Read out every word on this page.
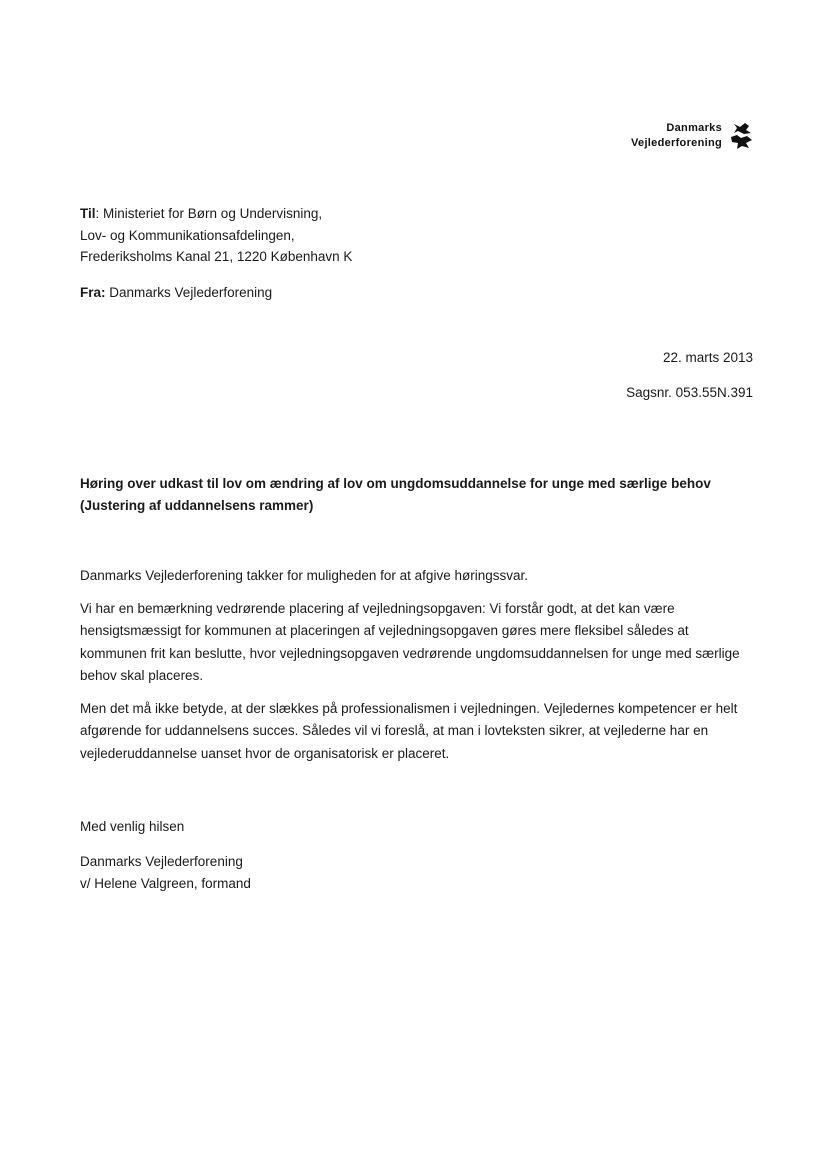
Danmarks
Vejlederforening
Til: Ministeriet for Børn og Undervisning,
Lov- og Kommunikationsafdelingen,
Frederiksholms Kanal 21, 1220 København K
Fra: Danmarks Vejlederforening
22. marts 2013
Sagsnr. 053.55N.391
Høring over udkast til lov om ændring af lov om ungdomsuddannelse for unge med særlige behov
(Justering af uddannelsens rammer)

Danmarks Vejlederforening takker for muligheden for at afgive høringssvar.

Vi har en bemærkning vedrørende placering af vejledningsopgaven: Vi forstår godt, at det kan være hensigtsmæssigt for kommunen at placeringen af vejledningsopgaven gøres mere fleksibel således at kommunen frit kan beslutte, hvor vejledningsopgaven vedrørende ungdomsuddannelsen for unge med særlige behov skal placeres.

Men det må ikke betyde, at der slækkes på professionalismen i vejledningen. Vejledernes kompetencer er helt afgørende for uddannelsens succes. Således vil vi foreslå, at man i lovteksten sikrer, at vejlederne har en vejlederuddannelse uanset hvor de organisatorisk er placeret.

Med venlig hilsen
Danmarks Vejlederforening
v/ Helene Valgreen, formand
